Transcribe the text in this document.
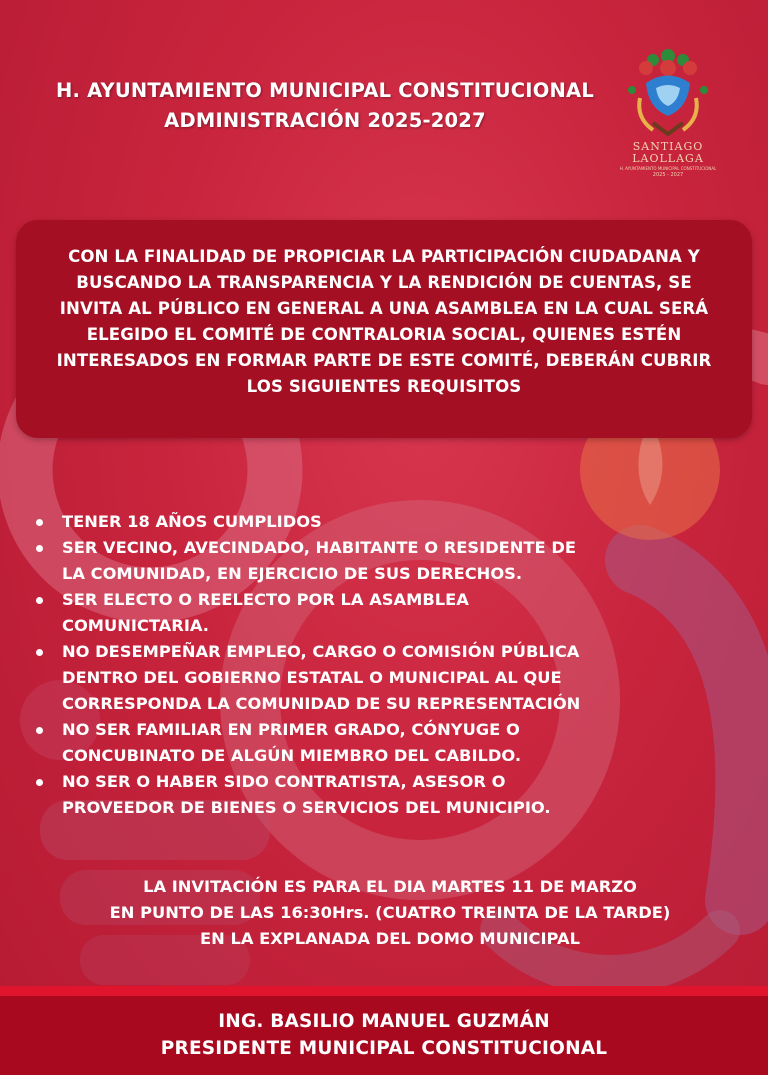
H. AYUNTAMIENTO MUNICIPAL CONSTITUCIONAL
ADMINISTRACIÓN 2025-2027
SANTIAGO
LAOLLAGA
H. AYUNTAMIENTO MUNICIPAL CONSTITUCIONAL
2025 - 2027
CON LA FINALIDAD DE PROPICIAR LA PARTICIPACIÓN CIUDADANA Y
BUSCANDO LA TRANSPARENCIA Y LA RENDICIÓN DE CUENTAS, SE
INVITA AL PÚBLICO EN GENERAL A UNA ASAMBLEA EN LA CUAL SERÁ
ELEGIDO EL COMITÉ DE CONTRALORIA SOCIAL, QUIENES ESTÉN
INTERESADOS EN FORMAR PARTE DE ESTE COMITÉ, DEBERÁN CUBRIR
LOS SIGUIENTES REQUISITOS
TENER 18 AÑOS CUMPLIDOS
SER VECINO, AVECINDADO, HABITANTE O RESIDENTE DE
LA COMUNIDAD, EN EJERCICIO DE SUS DERECHOS.
SER ELECTO O REELECTO POR LA ASAMBLEA
COMUNICTARIA.
NO DESEMPEÑAR EMPLEO, CARGO O COMISIÓN PÚBLICA
DENTRO DEL GOBIERNO ESTATAL O MUNICIPAL AL QUE
CORRESPONDA LA COMUNIDAD DE SU REPRESENTACIÓN
NO SER FAMILIAR EN PRIMER GRADO, CÓNYUGE O
CONCUBINATO DE ALGÚN MIEMBRO DEL CABILDO.
NO SER O HABER SIDO CONTRATISTA, ASESOR O
PROVEEDOR DE BIENES O SERVICIOS DEL MUNICIPIO.
LA INVITACIÓN ES PARA EL DIA MARTES 11 DE MARZO
EN PUNTO DE LAS 16:30Hrs. (CUATRO TREINTA DE LA TARDE)
EN LA EXPLANADA DEL DOMO MUNICIPAL
ING. BASILIO MANUEL GUZMÁN
PRESIDENTE MUNICIPAL CONSTITUCIONAL
